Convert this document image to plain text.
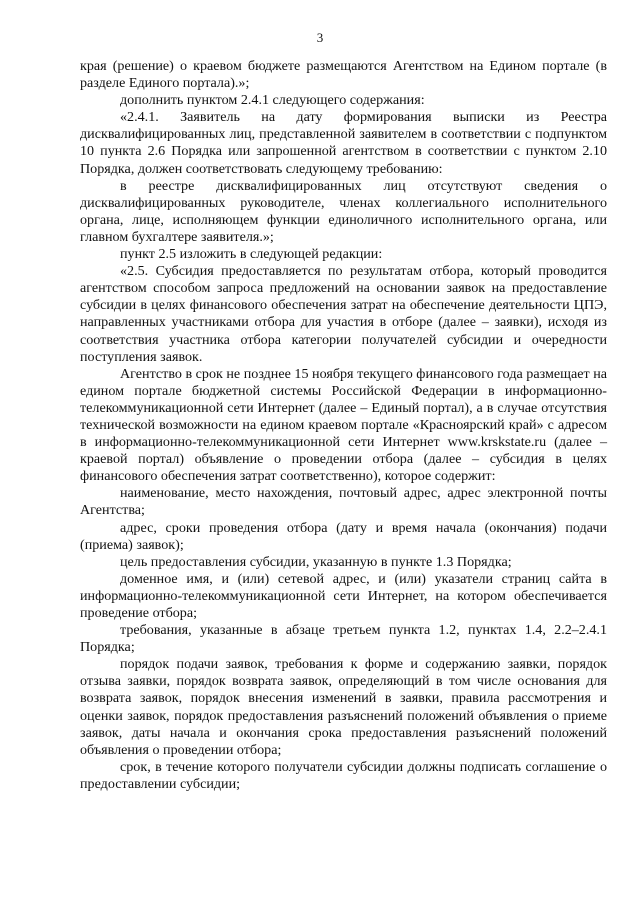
3

края (решение) о краевом бюджете размещаются Агентством на Едином портале (в разделе Единого портала).»;

дополнить пунктом 2.4.1 следующего содержания:

«2.4.1. Заявитель на дату формирования выписки из Реестра дисквалифицированных лиц, представленной заявителем в соответствии с подпунктом 10 пункта 2.6 Порядка или запрошенной агентством в соответствии с пунктом 2.10 Порядка, должен соответствовать следующему требованию:

в реестре дисквалифицированных лиц отсутствуют сведения о дисквалифицированных руководителе, членах коллегиального исполнительного органа, лице, исполняющем функции единоличного исполнительного органа, или главном бухгалтере заявителя.»;

пункт 2.5 изложить в следующей редакции:

«2.5. Субсидия предоставляется по результатам отбора, который проводится агентством способом запроса предложений на основании заявок на предоставление субсидии в целях финансового обеспечения затрат на обеспечение деятельности ЦПЭ, направленных участниками отбора для участия в отборе (далее – заявки), исходя из соответствия участника отбора категории получателей субсидии и очередности поступления заявок.

Агентство в срок не позднее 15 ноября текущего финансового года размещает на едином портале бюджетной системы Российской Федерации в информационно-телекоммуникационной сети Интернет (далее – Единый портал), а в случае отсутствия технической возможности на едином краевом портале «Красноярский край» с адресом в информационно-телекоммуникационной сети Интернет www.krskstate.ru (далее – краевой портал) объявление о проведении отбора (далее – субсидия в целях финансового обеспечения затрат соответственно), которое содержит:

наименование, место нахождения, почтовый адрес, адрес электронной почты Агентства;

адрес, сроки проведения отбора (дату и время начала (окончания) подачи (приема) заявок);

цель предоставления субсидии, указанную в пункте 1.3 Порядка;

доменное имя, и (или) сетевой адрес, и (или) указатели страниц сайта в информационно-телекоммуникационной сети Интернет, на котором обеспечивается проведение отбора;

требования, указанные в абзаце третьем пункта 1.2, пунктах 1.4, 2.2–2.4.1 Порядка;

порядок подачи заявок, требования к форме и содержанию заявки, порядок отзыва заявки, порядок возврата заявок, определяющий в том числе основания для возврата заявок, порядок внесения изменений в заявки, правила рассмотрения и оценки заявок, порядок предоставления разъяснений положений объявления о приеме заявок, даты начала и окончания срока предоставления разъяснений положений объявления о проведении отбора;

срок, в течение которого получатели субсидии должны подписать соглашение о предоставлении субсидии;
